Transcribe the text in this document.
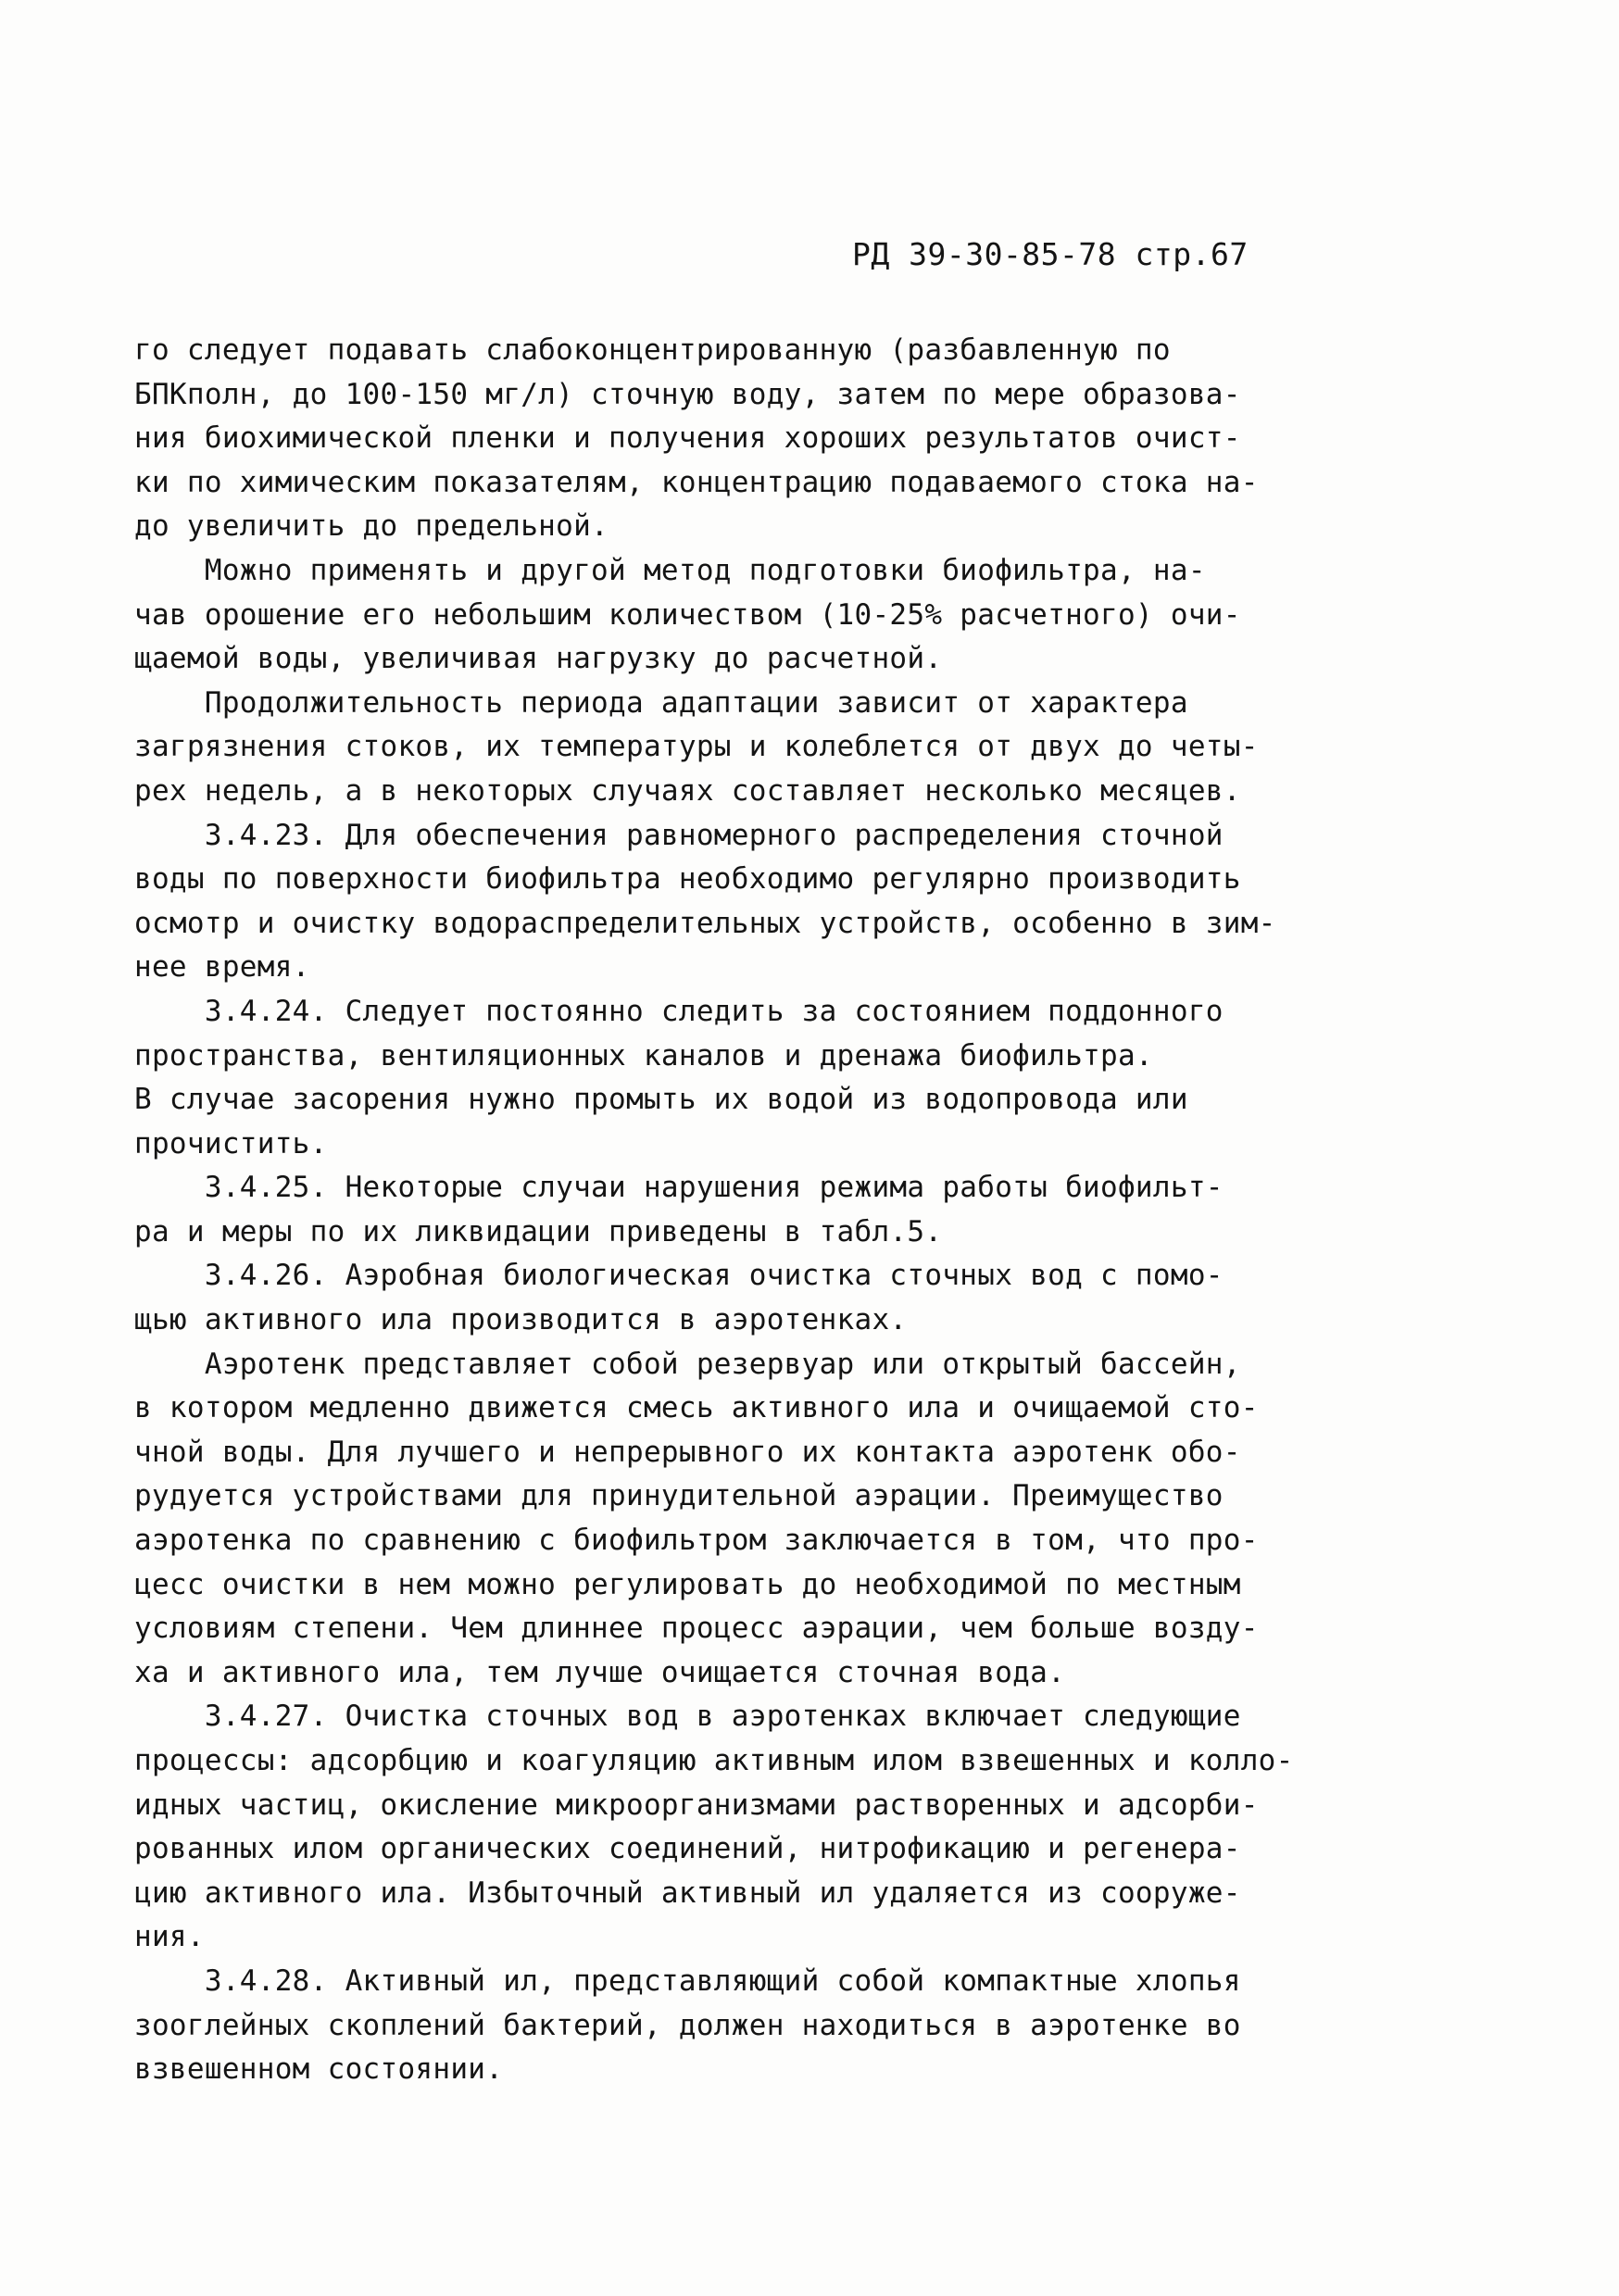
РД 39-30-85-78 стр.67
го следует подавать слабоконцентрированную (разбавленную по
БПКполн, до 100-150 мг/л) сточную воду, затем по мере образова-
ния биохимической пленки и получения хороших результатов очист-
ки по химическим показателям, концентрацию подаваемого стока на-
до увеличить до предельной.
Можно применять и другой метод подготовки биофильтра, на-
чав орошение его небольшим количеством (10-25% расчетного) очи-
щаемой воды, увеличивая нагрузку до расчетной.
Продолжительность периода адаптации зависит от характера
загрязнения стоков, их температуры и колеблется от двух до четы-
рех недель, а в некоторых случаях составляет несколько месяцев.
3.4.23. Для обеспечения равномерного распределения сточной
воды по поверхности биофильтра необходимо регулярно производить
осмотр и очистку водораспределительных устройств, особенно в зим-
нее время.
3.4.24. Следует постоянно следить за состоянием поддонного
пространства, вентиляционных каналов и дренажа биофильтра.
В случае засорения нужно промыть их водой из водопровода или
прочистить.
3.4.25. Некоторые случаи нарушения режима работы биофильт-
ра и меры по их ликвидации приведены в табл.5.
3.4.26. Аэробная биологическая очистка сточных вод с помо-
щью активного ила производится в аэротенках.
Аэротенк представляет собой резервуар или открытый бассейн,
в котором медленно движется смесь активного ила и очищаемой сто-
чной воды. Для лучшего и непрерывного их контакта аэротенк обо-
рудуется устройствами для принудительной аэрации. Преимущество
аэротенка по сравнению с биофильтром заключается в том, что про-
цесс очистки в нем можно регулировать до необходимой по местным
условиям степени. Чем длиннее процесс аэрации, чем больше возду-
ха и активного ила, тем лучше очищается сточная вода.
3.4.27. Очистка сточных вод в аэротенках включает следующие
процессы: адсорбцию и коагуляцию активным илом взвешенных и колло-
идных частиц, окисление микроорганизмами растворенных и адсорби-
рованных илом органических соединений, нитрофикацию и регенера-
цию активного ила. Избыточный активный ил удаляется из сооруже-
ния.
3.4.28. Активный ил, представляющий собой компактные хлопья
зооглейных скоплений бактерий, должен находиться в аэротенке во
взвешенном состоянии.
